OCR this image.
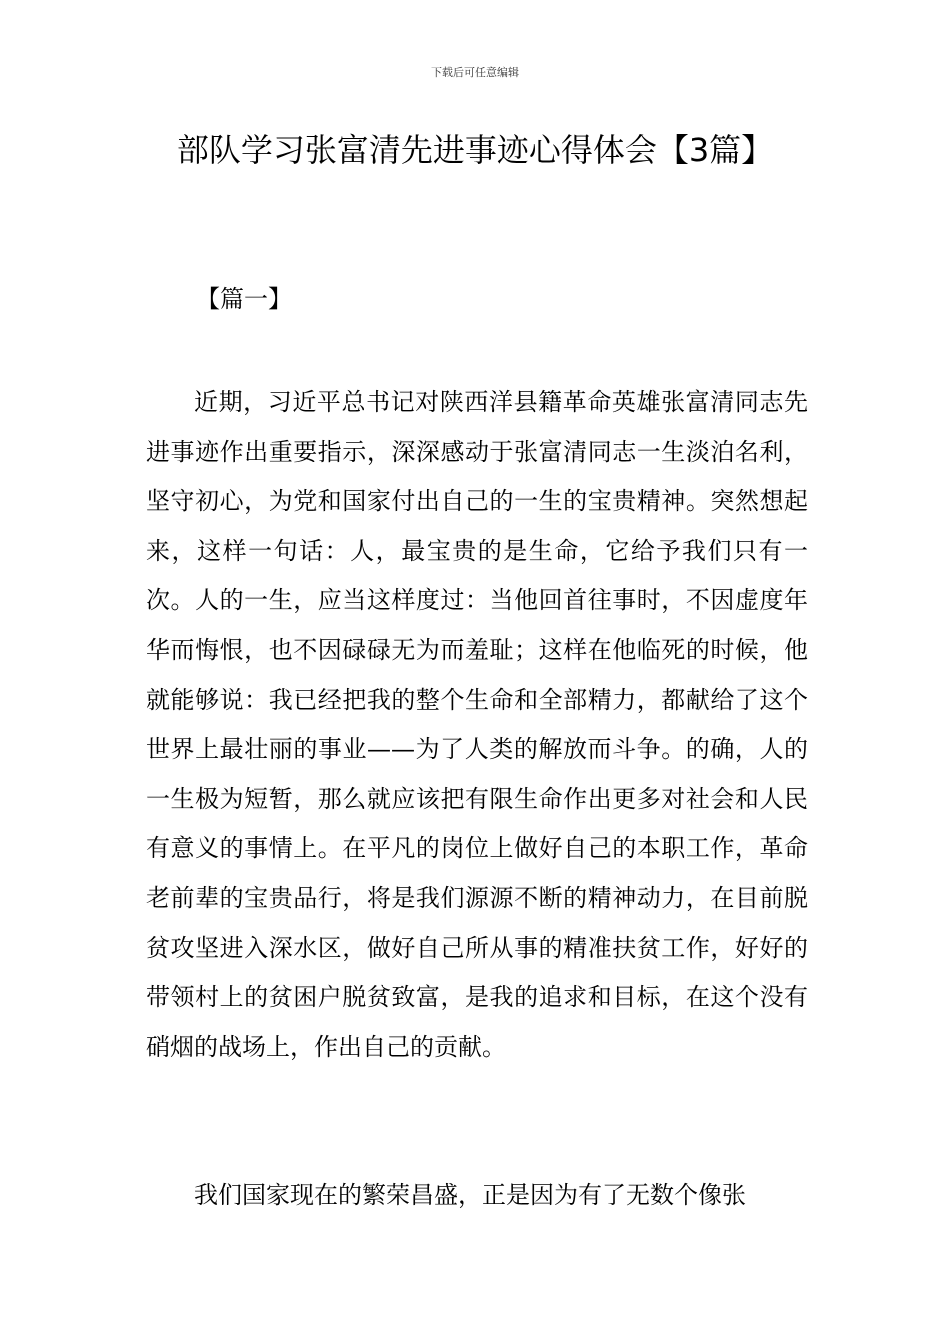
下载后可任意编辑
部队学习张富清先进事迹心得体会【3篇】
【篇一】

近期，习近平总书记对陕西洋县籍革命英雄张富清同志先进事迹作出重要指示，深深感动于张富清同志一生淡泊名利，坚守初心，为党和国家付出自己的一生的宝贵精神。突然想起来，这样一句话：人，最宝贵的是生命，它给予我们只有一次。人的一生，应当这样度过：当他回首往事时，不因虚度年华而悔恨，也不因碌碌无为而羞耻；这样在他临死的时候，他就能够说：我已经把我的整个生命和全部精力，都献给了这个世界上最壮丽的事业——为了人类的解放而斗争。的确，人的一生极为短暂，那么就应该把有限生命作出更多对社会和人民有意义的事情上。在平凡的岗位上做好自己的本职工作，革命老前辈的宝贵品行，将是我们源源不断的精神动力，在目前脱贫攻坚进入深水区，做好自己所从事的精准扶贫工作，好好的带领村上的贫困户脱贫致富，是我的追求和目标，在这个没有硝烟的战场上，作出自己的贡献。

我们国家现在的繁荣昌盛，正是因为有了无数个像张
